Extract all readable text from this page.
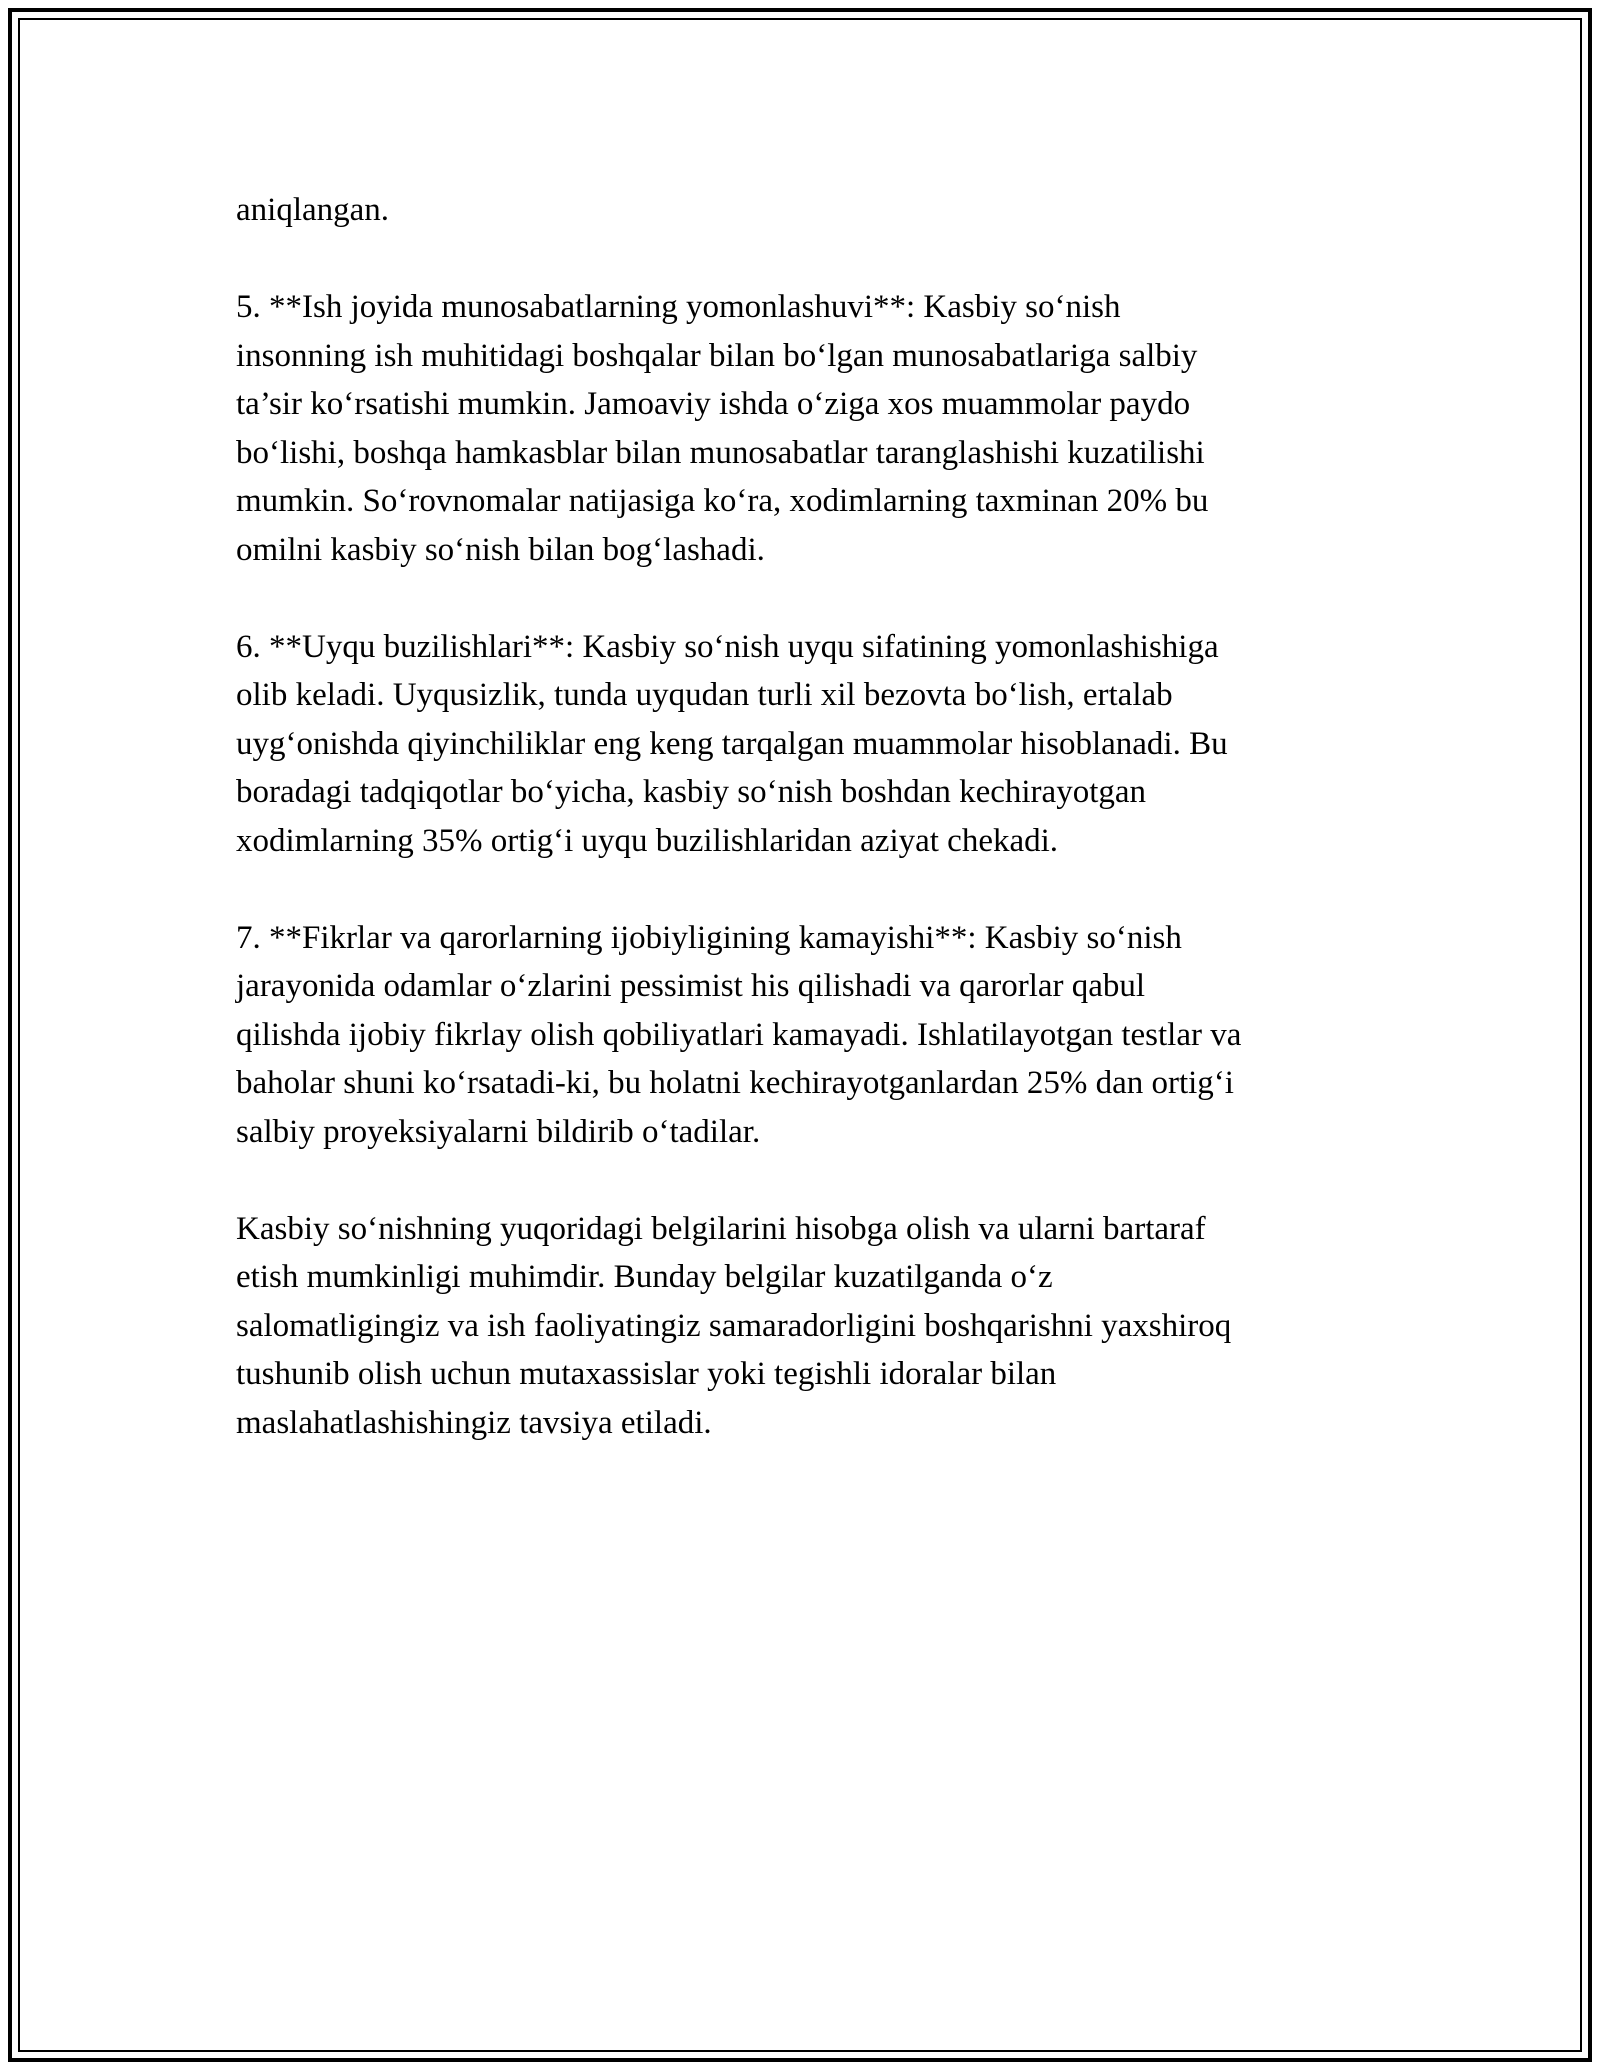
aniqlangan.

5. **Ish joyida munosabatlarning yomonlashuvi**: Kasbiy so‘nish
insonning ish muhitidagi boshqalar bilan bo‘lgan munosabatlariga salbiy
ta’sir ko‘rsatishi mumkin. Jamoaviy ishda o‘ziga xos muammolar paydo
bo‘lishi, boshqa hamkasblar bilan munosabatlar taranglashishi kuzatilishi
mumkin. So‘rovnomalar natijasiga ko‘ra, xodimlarning taxminan 20% bu
omilni kasbiy so‘nish bilan bog‘lashadi.

6. **Uyqu buzilishlari**: Kasbiy so‘nish uyqu sifatining yomonlashishiga
olib keladi. Uyqusizlik, tunda uyqudan turli xil bezovta bo‘lish, ertalab
uyg‘onishda qiyinchiliklar eng keng tarqalgan muammolar hisoblanadi. Bu
boradagi tadqiqotlar bo‘yicha, kasbiy so‘nish boshdan kechirayotgan
xodimlarning 35% ortig‘i uyqu buzilishlaridan aziyat chekadi.

7. **Fikrlar va qarorlarning ijobiyligining kamayishi**: Kasbiy so‘nish
jarayonida odamlar o‘zlarini pessimist his qilishadi va qarorlar qabul
qilishda ijobiy fikrlay olish qobiliyatlari kamayadi. Ishlatilayotgan testlar va
baholar shuni ko‘rsatadi-ki, bu holatni kechirayotganlardan 25% dan ortig‘i
salbiy proyeksiyalarni bildirib o‘tadilar.

Kasbiy so‘nishning yuqoridagi belgilarini hisobga olish va ularni bartaraf
etish mumkinligi muhimdir. Bunday belgilar kuzatilganda o‘z
salomatligingiz va ish faoliyatingiz samaradorligini boshqarishni yaxshiroq
tushunib olish uchun mutaxassislar yoki tegishli idoralar bilan
maslahatlashishingiz tavsiya etiladi.
